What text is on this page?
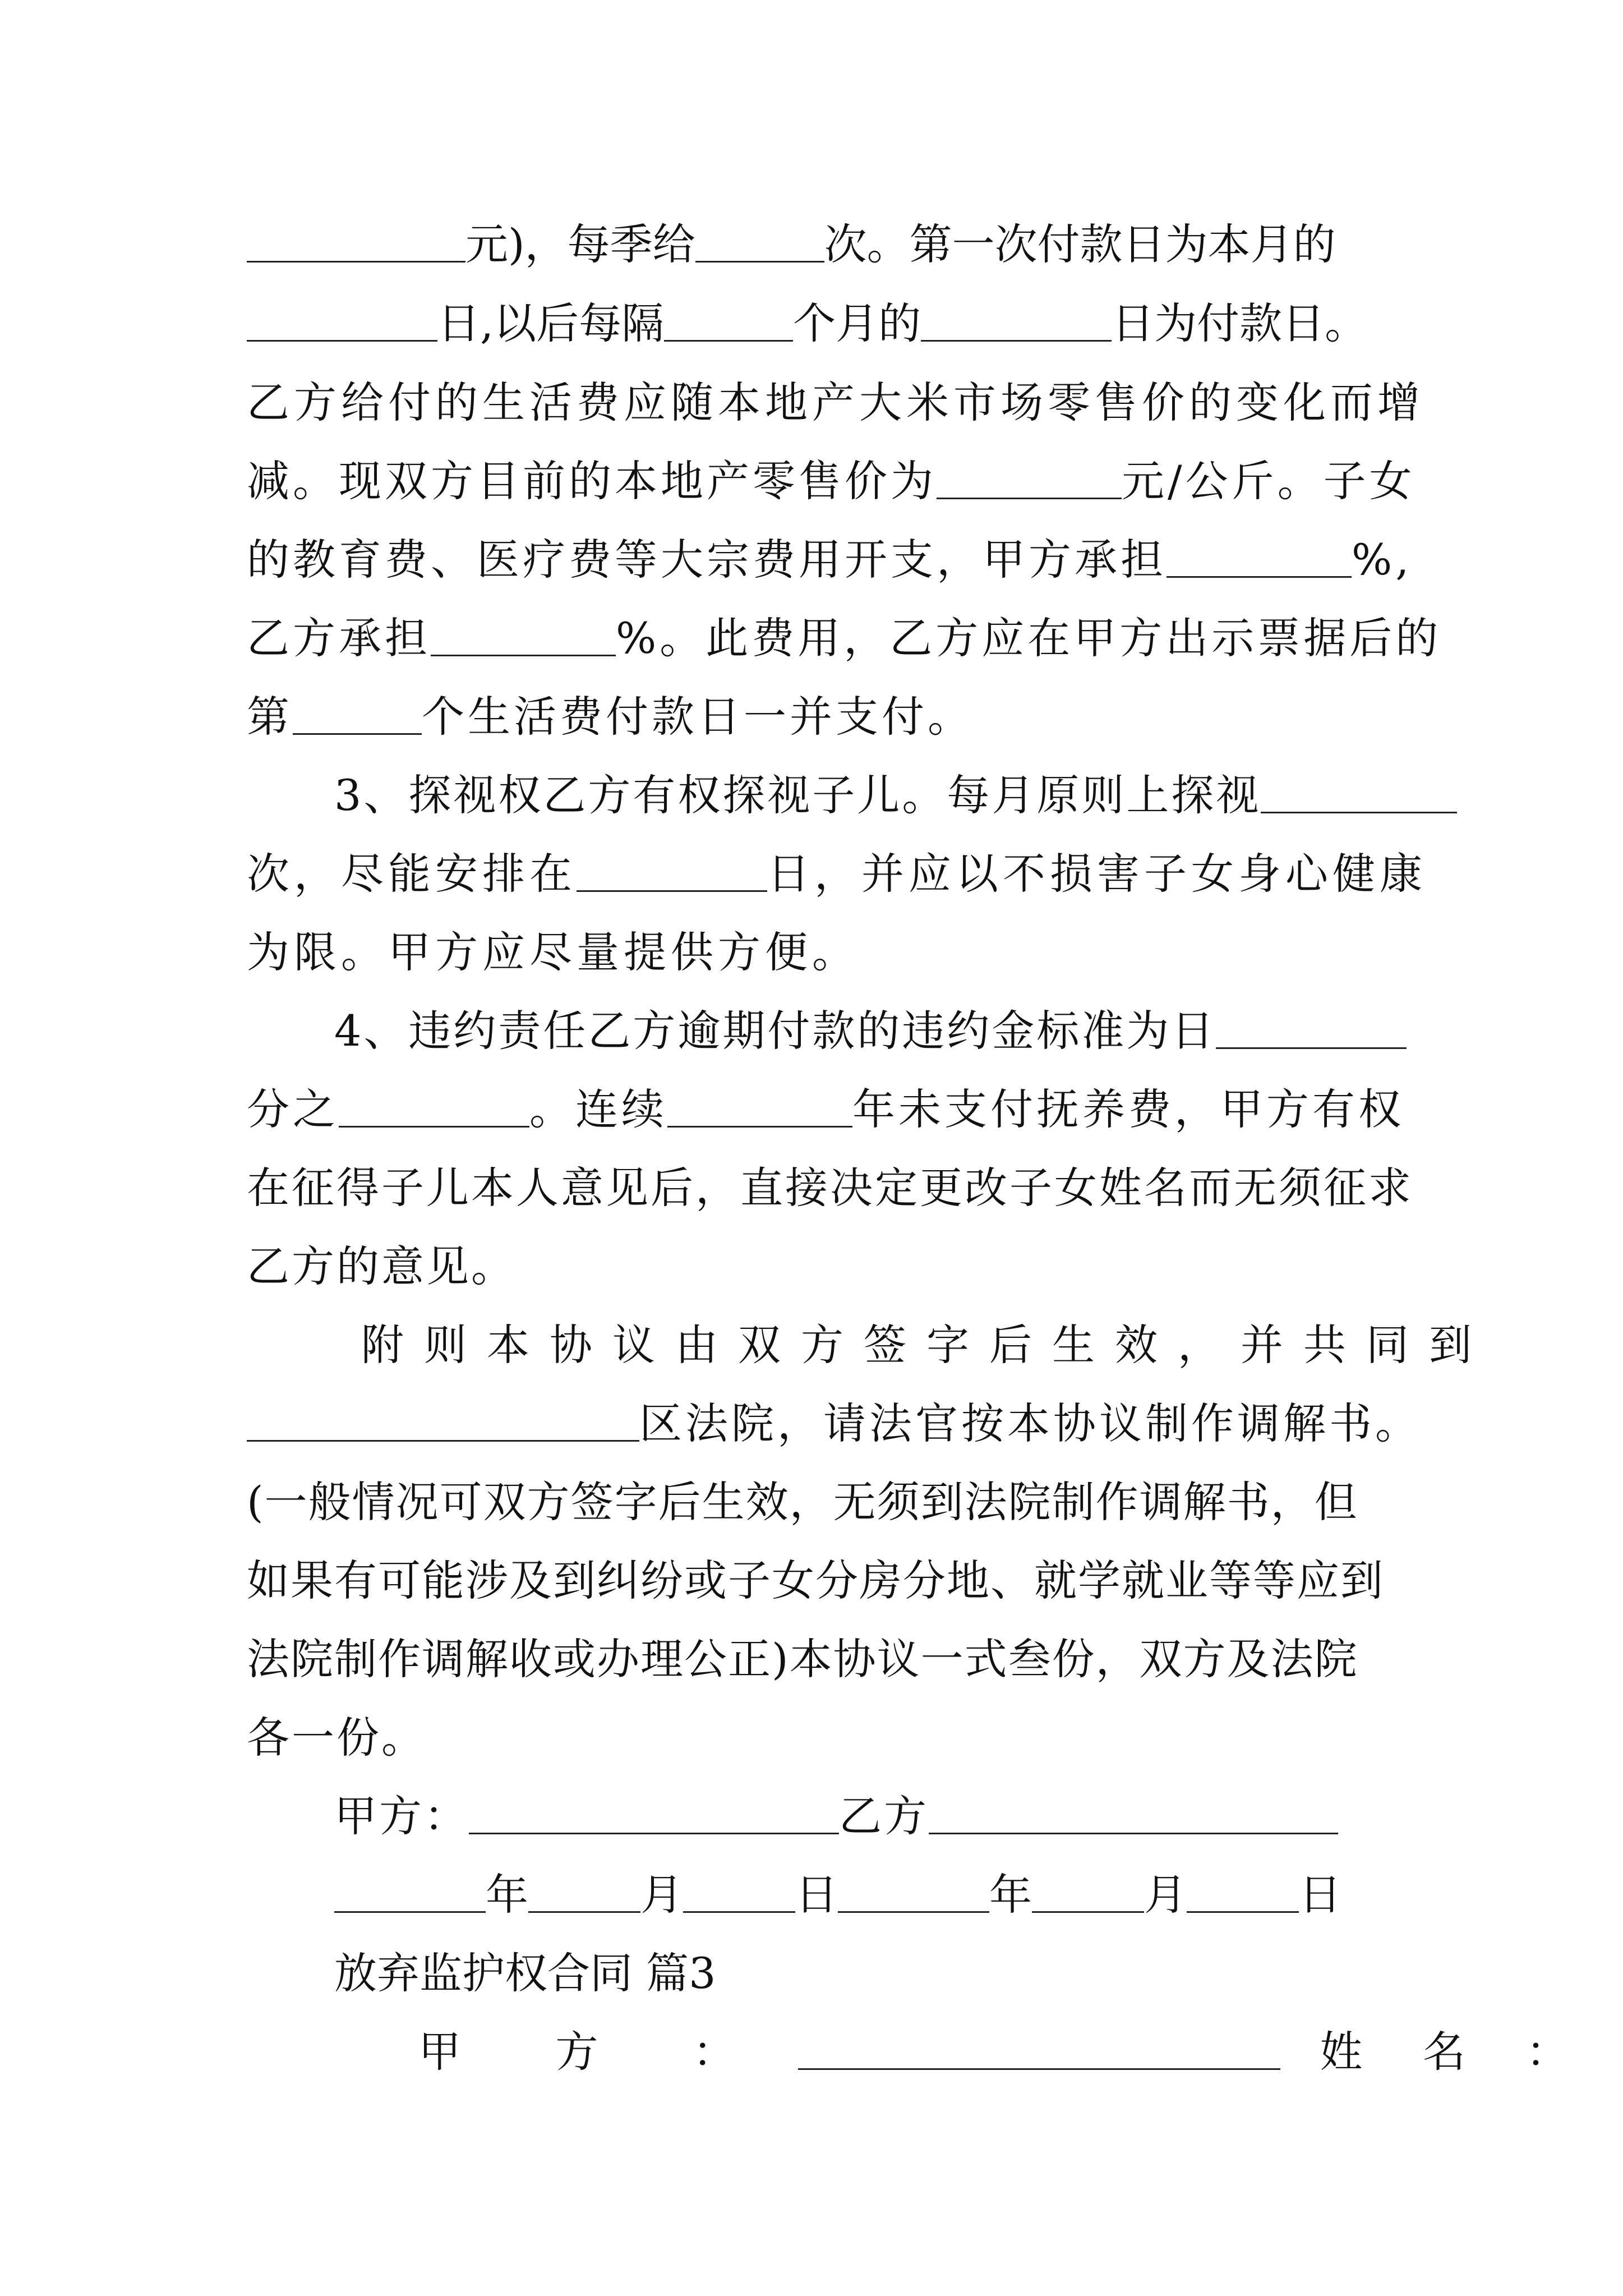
元)，每季给	次。第一次付款日为本月的
日,以后每隔	个月的	日为付款日。
乙方给付的生活费应随本地产大米市场零售价的变化而增
减。现双方目前的本地产零售价为	元/公斤。子女
的教育费、医疗费等大宗费用开支，甲方承担	%,
乙方承担	%。此费用，乙方应在甲方出示票据后的
第	个生活费付款日一并支付。
3、探视权乙方有权探视子儿。每月原则上探视
次，尽能安排在	日，并应以不损害子女身心健康
为限。甲方应尽量提供方便。
4、违约责任乙方逾期付款的违约金标准为日
分之	。连续	年未支付抚养费，甲方有权
在征得子儿本人意见后，直接决定更改子女姓名而无须征求
乙方的意见。
附则本协议由双方签字后生效，并共同到
区法院，请法官按本协议制作调解书。
(一般情况可双方签字后生效，无须到法院制作调解书，但
如果有可能涉及到纠纷或子女分房分地、就学就业等等应到
法院制作调解收或办理公正)本协议一式叁份，双方及法院
各一份。
甲方：	乙方
年	月	日	年	月	日
放弃监护权合同 篇3
甲 方 ：	姓 名 ：
